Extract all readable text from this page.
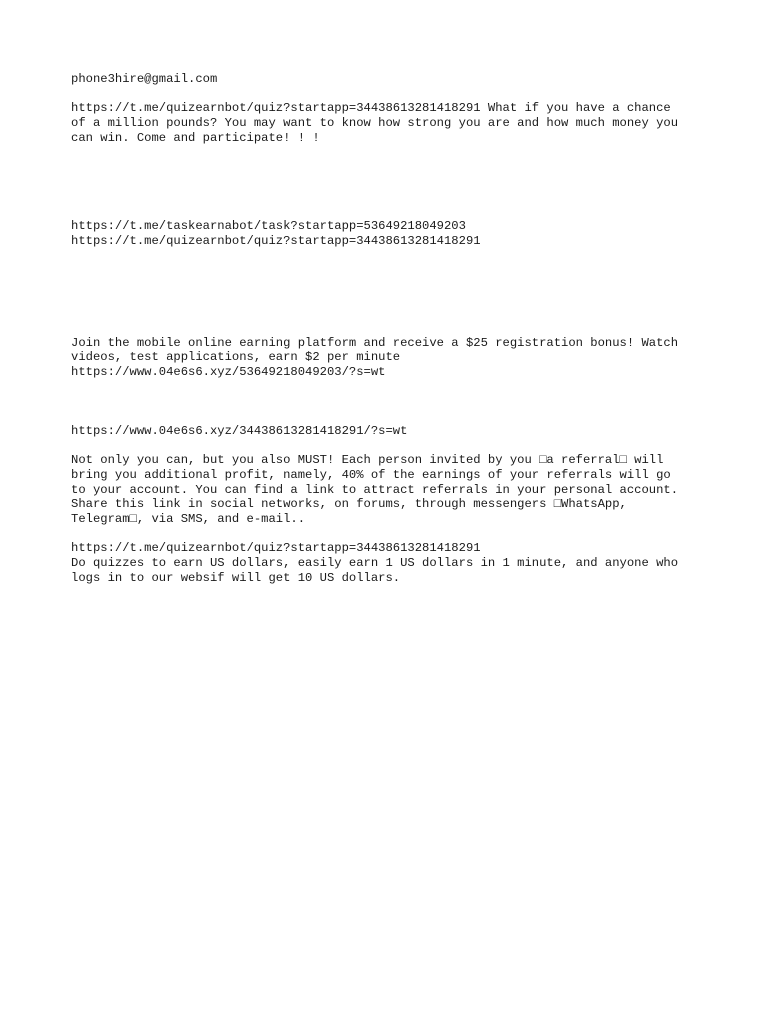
phone3hire@gmail.com

https://t.me/quizearnbot/quiz?startapp=34438613281418291 What if you have a chance

of a million pounds? You may want to know how strong you are and how much money you

can win. Come and participate! ! !

https://t.me/taskearnabot/task?startapp=53649218049203

https://t.me/quizearnbot/quiz?startapp=34438613281418291

Join the mobile online earning platform and receive a $25 registration bonus! Watch

videos, test applications, earn $2 per minute

https://www.04e6s6.xyz/53649218049203/?s=wt

https://www.04e6s6.xyz/34438613281418291/?s=wt

Not only you can, but you also MUST! Each person invited by you □a referral□ will

bring you additional profit, namely, 40% of the earnings of your referrals will go

to your account. You can find a link to attract referrals in your personal account.

Share this link in social networks, on forums, through messengers □WhatsApp,

Telegram□, via SMS, and e-mail..

https://t.me/quizearnbot/quiz?startapp=34438613281418291

Do quizzes to earn US dollars, easily earn 1 US dollars in 1 minute, and anyone who

logs in to our websif will get 10 US dollars.
